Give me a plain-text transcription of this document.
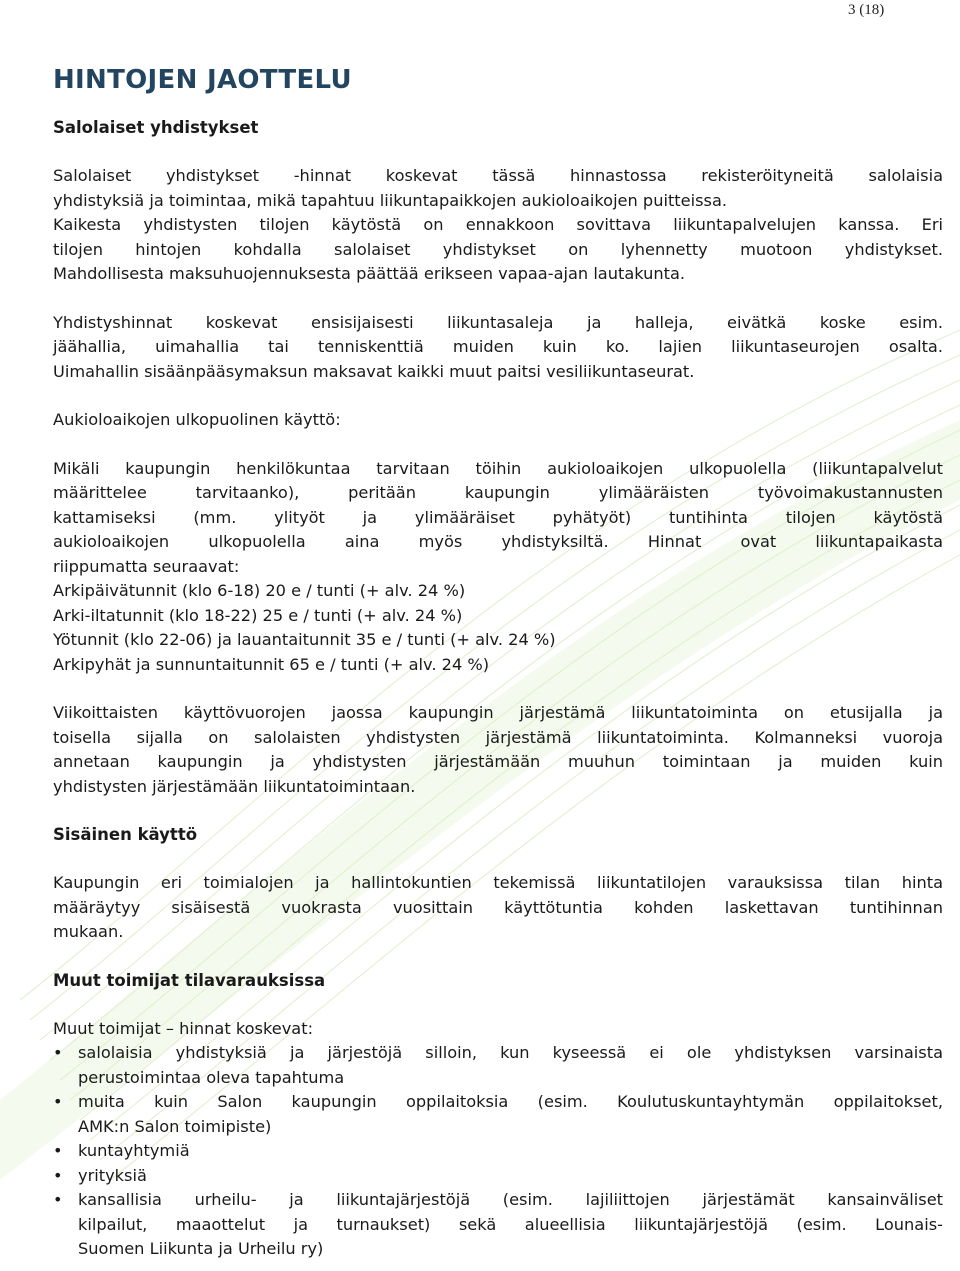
3 (18)
HINTOJEN JAOTTELU
Salolaiset yhdistykset

Salolaiset yhdistykset -hinnat koskevat tässä hinnastossa rekisteröityneitä salolaisia
yhdistyksiä ja toimintaa, mikä tapahtuu liikuntapaikkojen aukioloaikojen puitteissa.
Kaikesta yhdistysten tilojen käytöstä on ennakkoon sovittava liikuntapalvelujen kanssa. Eri
tilojen hintojen kohdalla salolaiset yhdistykset on lyhennetty muotoon yhdistykset.
Mahdollisesta maksuhuojennuksesta päättää erikseen vapaa-ajan lautakunta.

Yhdistyshinnat koskevat ensisijaisesti liikuntasaleja ja halleja, eivätkä koske esim.
jäähallia, uimahallia tai tenniskenttiä muiden kuin ko. lajien liikuntaseurojen osalta.
Uimahallin sisäänpääsymaksun maksavat kaikki muut paitsi vesiliikuntaseurat.

Aukioloaikojen ulkopuolinen käyttö:

Mikäli kaupungin henkilökuntaa tarvitaan töihin aukioloaikojen ulkopuolella (liikuntapalvelut
määrittelee tarvitaanko), peritään kaupungin ylimääräisten työvoimakustannusten
kattamiseksi (mm. ylityöt ja ylimääräiset pyhätyöt) tuntihinta tilojen käytöstä
aukioloaikojen ulkopuolella aina myös yhdistyksiltä. Hinnat ovat liikuntapaikasta
riippumatta seuraavat:
Arkipäivätunnit (klo 6-18) 20 e / tunti (+ alv. 24 %)
Arki-iltatunnit (klo 18-22) 25 e / tunti (+ alv. 24 %)
Yötunnit (klo 22-06) ja lauantaitunnit 35 e / tunti (+ alv. 24 %)
Arkipyhät ja sunnuntaitunnit 65 e / tunti (+ alv. 24 %)

Viikoittaisten käyttövuorojen jaossa kaupungin järjestämä liikuntatoiminta on etusijalla ja
toisella sijalla on salolaisten yhdistysten järjestämä liikuntatoiminta. Kolmanneksi vuoroja
annetaan kaupungin ja yhdistysten järjestämään muuhun toimintaan ja muiden kuin
yhdistysten järjestämään liikuntatoimintaan.

Sisäinen käyttö

Kaupungin eri toimialojen ja hallintokuntien tekemissä liikuntatilojen varauksissa tilan hinta
määräytyy sisäisestä vuokrasta vuosittain käyttötuntia kohden laskettavan tuntihinnan
mukaan.

Muut toimijat tilavarauksissa

Muut toimijat – hinnat koskevat:

• salolaisia yhdistyksiä ja järjestöjä silloin, kun kyseessä ei ole yhdistyksen varsinaista
perustoimintaa oleva tapahtuma
• muita kuin Salon kaupungin oppilaitoksia (esim. Koulutuskuntayhtymän oppilaitokset,
AMK:n Salon toimipiste)
• kuntayhtymiä
• yrityksiä
• kansallisia urheilu- ja liikuntajärjestöjä (esim. lajiliittojen järjestämät kansainväliset
kilpailut, maaottelut ja turnaukset) sekä alueellisia liikuntajärjestöjä (esim. Lounais-
Suomen Liikunta ja Urheilu ry)
